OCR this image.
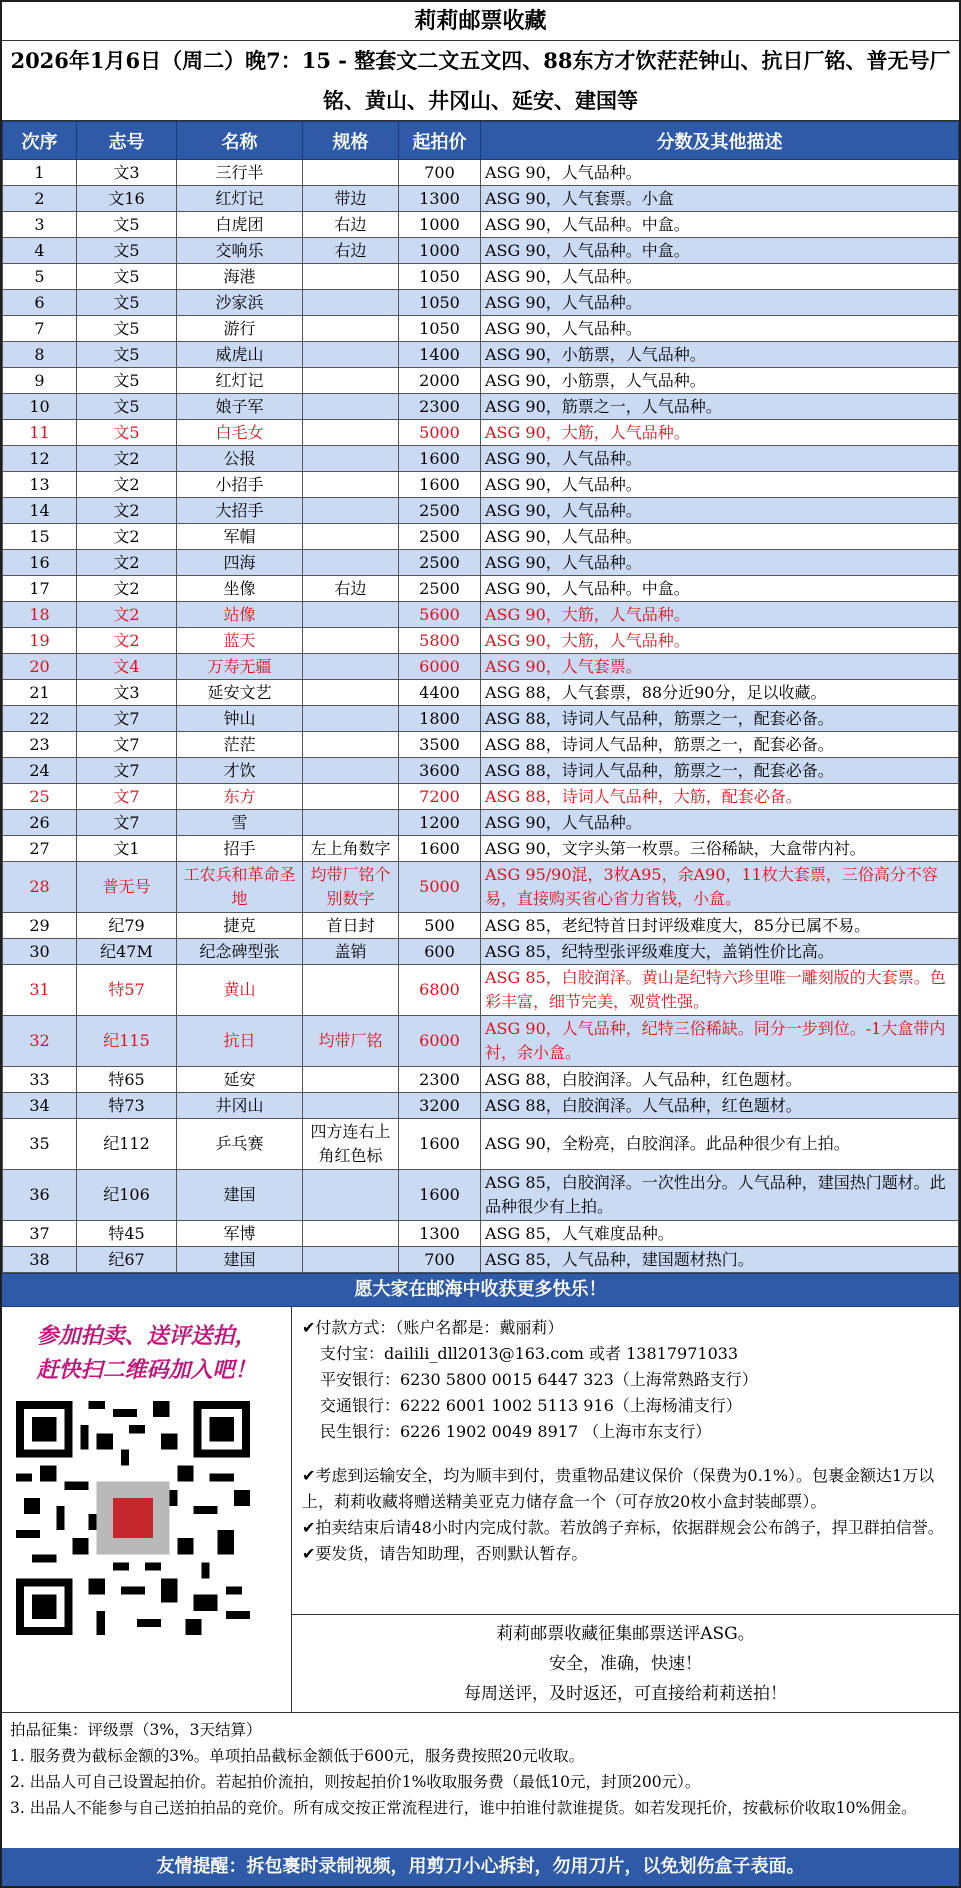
莉莉邮票收藏
2026年1月6日（周二）晚7：15 - 整套文二文五文四、88东方才饮茫茫钟山、抗日厂铭、普无号厂铭、黄山、井冈山、延安、建国等
次序	志号	名称	规格	起拍价	分数及其他描述
1	文3	三行半		700	ASG 90，人气品种。
2	文16	红灯记	带边	1300	ASG 90，人气套票。小盒
3	文5	白虎团	右边	1000	ASG 90，人气品种。中盒。
4	文5	交响乐	右边	1000	ASG 90，人气品种。中盒。
5	文5	海港		1050	ASG 90，人气品种。
6	文5	沙家浜		1050	ASG 90，人气品种。
7	文5	游行		1050	ASG 90，人气品种。
8	文5	威虎山		1400	ASG 90，小筋票，人气品种。
9	文5	红灯记		2000	ASG 90，小筋票，人气品种。
10	文5	娘子军		2300	ASG 90，筋票之一，人气品种。
11	文5	白毛女		5000	ASG 90，大筋，人气品种。
12	文2	公报		1600	ASG 90，人气品种。
13	文2	小招手		1600	ASG 90，人气品种。
14	文2	大招手		2500	ASG 90，人气品种。
15	文2	军帽		2500	ASG 90，人气品种。
16	文2	四海		2500	ASG 90，人气品种。
17	文2	坐像	右边	2500	ASG 90，人气品种。中盒。
18	文2	站像		5600	ASG 90，大筋，人气品种。
19	文2	蓝天		5800	ASG 90，大筋，人气品种。
20	文4	万寿无疆		6000	ASG 90，人气套票。
21	文3	延安文艺		4400	ASG 88，人气套票，88分近90分，足以收藏。
22	文7	钟山		1800	ASG 88，诗词人气品种，筋票之一，配套必备。
23	文7	茫茫		3500	ASG 88，诗词人气品种，筋票之一，配套必备。
24	文7	才饮		3600	ASG 88，诗词人气品种，筋票之一，配套必备。
25	文7	东方		7200	ASG 88，诗词人气品种，大筋，配套必备。
26	文7	雪		1200	ASG 90，人气品种。
27	文1	招手	左上角数字	1600	ASG 90，文字头第一枚票。三俗稀缺，大盒带内衬。
28	普无号	工农兵和革命圣地	均带厂铭个别数字	5000	ASG 95/90混，3枚A95，余A90，11枚大套票，三俗高分不容易，直接购买省心省力省钱，小盒。
29	纪79	捷克	首日封	500	ASG 85，老纪特首日封评级难度大，85分已属不易。
30	纪47M	纪念碑型张	盖销	600	ASG 85，纪特型张评级难度大，盖销性价比高。
31	特57	黄山		6800	ASG 85，白胶润泽。黄山是纪特六珍里唯一雕刻版的大套票。色彩丰富，细节完美，观赏性强。
32	纪115	抗日	均带厂铭	6000	ASG 90，人气品种，纪特三俗稀缺。同分一步到位。-1大盒带内衬，余小盒。
33	特65	延安		2300	ASG 88，白胶润泽。人气品种，红色题材。
34	特73	井冈山		3200	ASG 88，白胶润泽。人气品种，红色题材。
35	纪112	乒乓赛	四方连右上角红色标	1600	ASG 90，全粉亮，白胶润泽。此品种很少有上拍。
36	纪106	建国		1600	ASG 85，白胶润泽。一次性出分。人气品种，建国热门题材。此品种很少有上拍。
37	特45	军博		1300	ASG 85，人气难度品种。
38	纪67	建国		700	ASG 85，人气品种，建国题材热门。
愿大家在邮海中收获更多快乐！
参加拍卖、送评送拍，
赶快扫二维码加入吧！
✔付款方式：（账户名都是：戴丽莉）
支付宝：dailili_dll2013@163.com 或者 13817971033
平安银行：6230 5800 0015 6447 323（上海常熟路支行）
交通银行：6222 6001 1002 5113 916（上海杨浦支行）
民生银行：6226 1902 0049 8917 （上海市东支行）
✔考虑到运输安全，均为顺丰到付，贵重物品建议保价（保费为0.1%）。包裹金额达1万以上，莉莉收藏将赠送精美亚克力储存盒一个（可存放20枚小盒封装邮票）。
✔拍卖结束后请48小时内完成付款。若放鸽子弃标，依据群规会公布鸽子，捍卫群拍信誉。
✔要发货，请告知助理，否则默认暂存。
莉莉邮票收藏征集邮票送评ASG。
安全，准确，快速！
每周送评，及时返还，可直接给莉莉送拍！
拍品征集：评级票（3%，3天结算）
1. 服务费为截标金额的3%。单项拍品截标金额低于600元，服务费按照20元收取。
2. 出品人可自己设置起拍价。若起拍价流拍，则按起拍价1%收取服务费（最低10元，封顶200元）。
3. 出品人不能参与自己送拍拍品的竞价。所有成交按正常流程进行，谁中拍谁付款谁提货。如若发现托价，按截标价收取10%佣金。
友情提醒：拆包裹时录制视频，用剪刀小心拆封，勿用刀片，以免划伤盒子表面。
